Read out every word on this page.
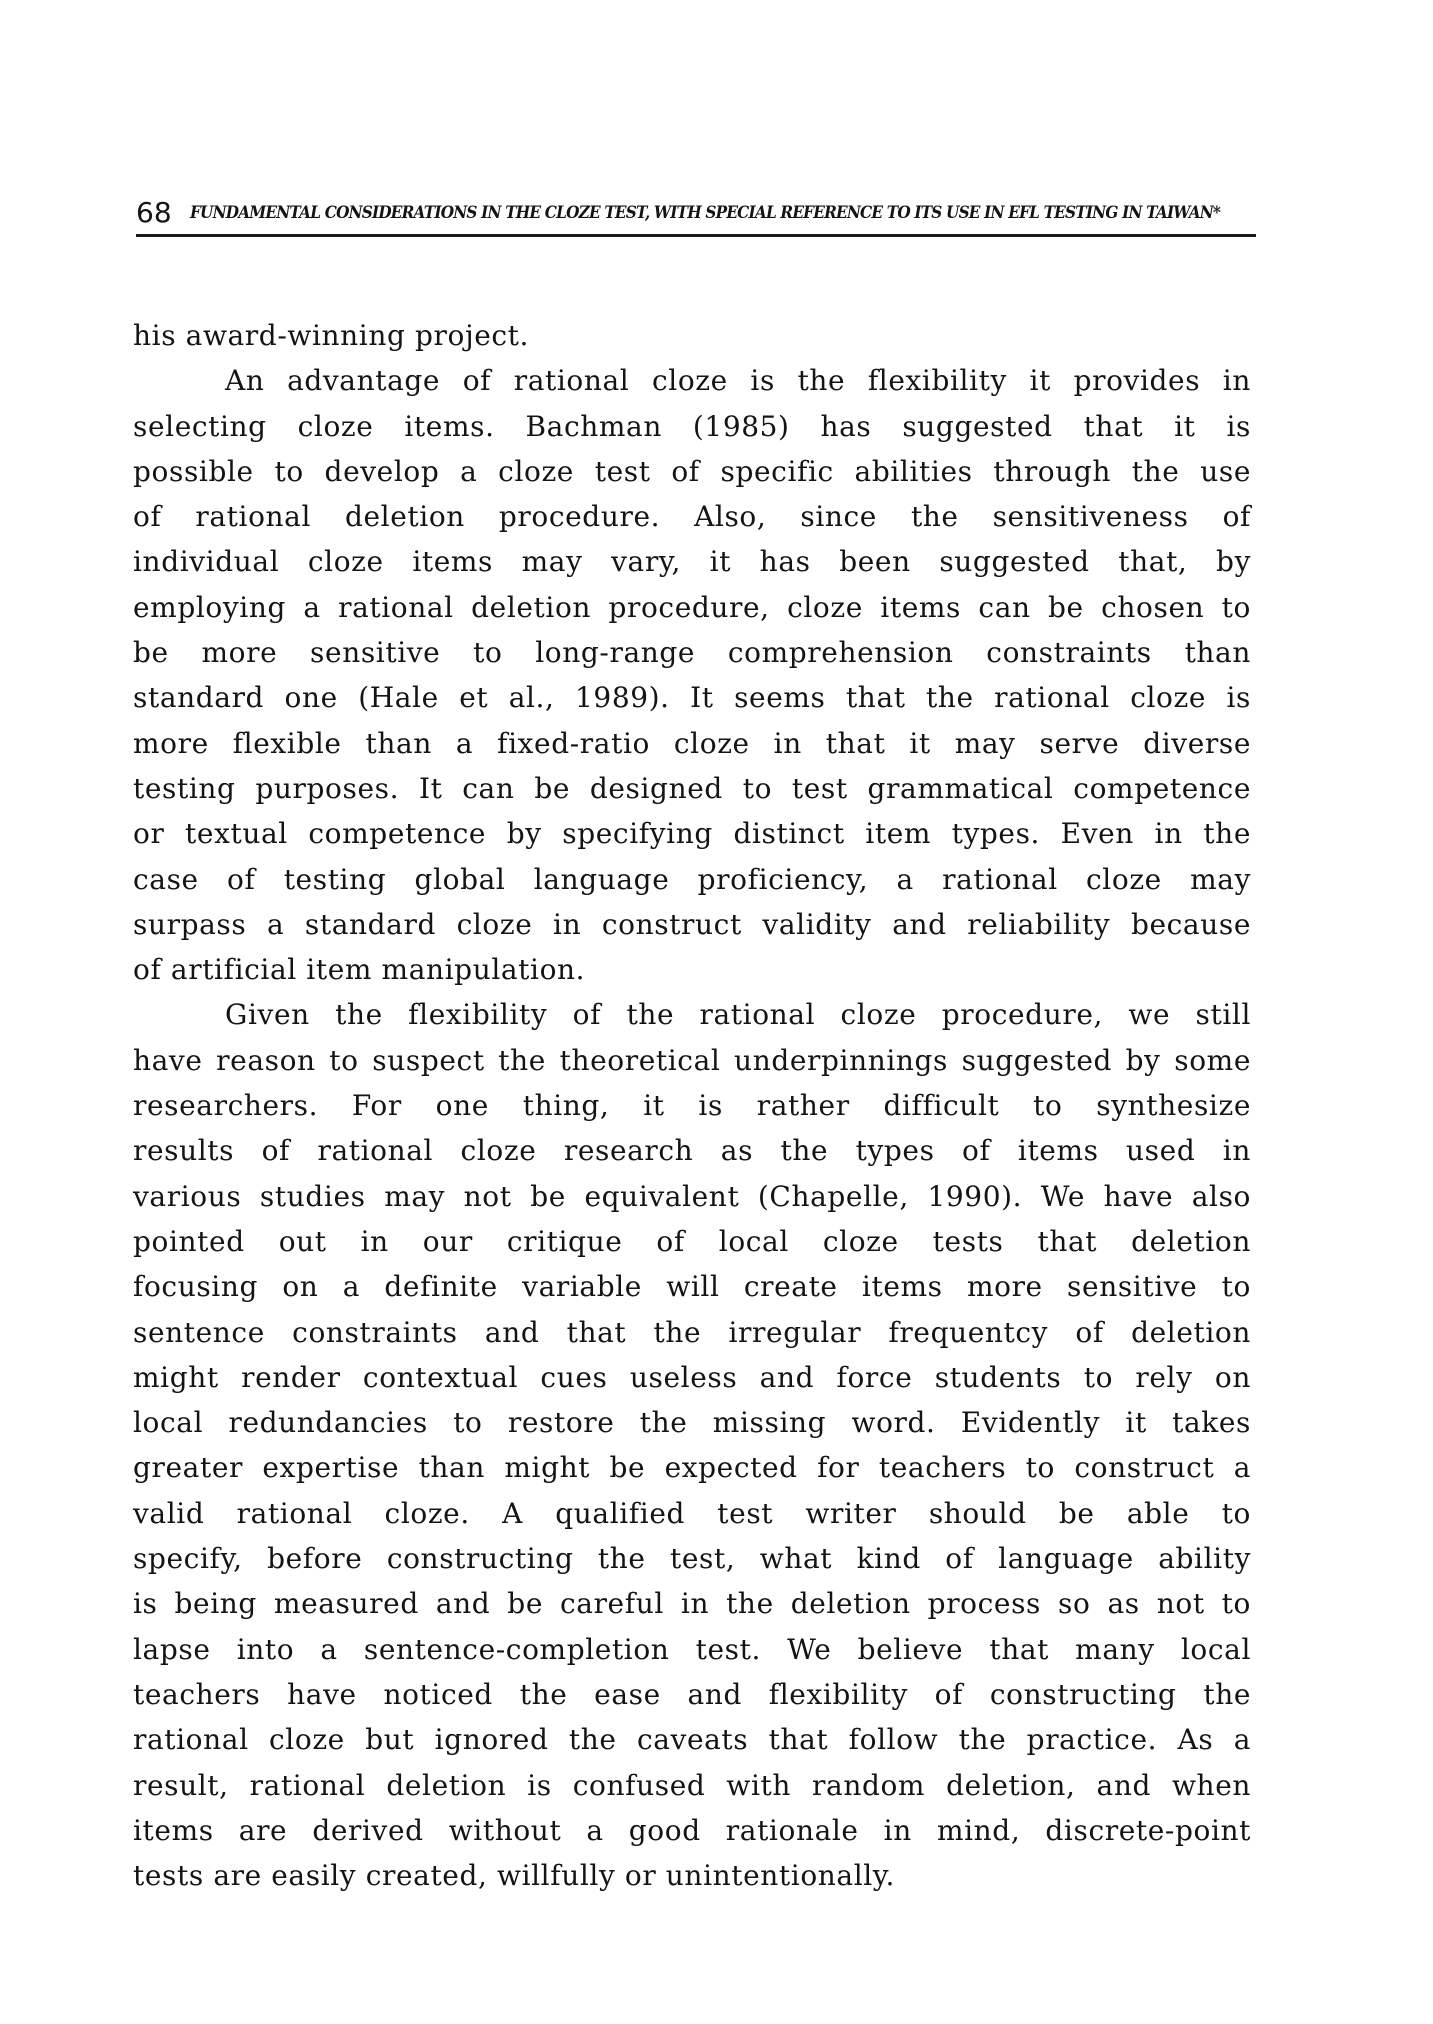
68 FUNDAMENTAL CONSIDERATIONS IN THE CLOZE TEST, WITH SPECIAL REFERENCE TO ITS USE IN EFL TESTING IN TAIWAN*
his award-winning project.
An advantage of rational cloze is the flexibility it provides in
selecting cloze items. Bachman (1985) has suggested that it is
possible to develop a cloze test of specific abilities through the use
of rational deletion procedure. Also, since the sensitiveness of
individual cloze items may vary, it has been suggested that, by
employing a rational deletion procedure, cloze items can be chosen to
be more sensitive to long-range comprehension constraints than
standard one (Hale et al., 1989). It seems that the rational cloze is
more flexible than a fixed-ratio cloze in that it may serve diverse
testing purposes. It can be designed to test grammatical competence
or textual competence by specifying distinct item types. Even in the
case of testing global language proficiency, a rational cloze may
surpass a standard cloze in construct validity and reliability because
of artificial item manipulation.
Given the flexibility of the rational cloze procedure, we still
have reason to suspect the theoretical underpinnings suggested by some
researchers. For one thing, it is rather difficult to synthesize
results of rational cloze research as the types of items used in
various studies may not be equivalent (Chapelle, 1990). We have also
pointed out in our critique of local cloze tests that deletion
focusing on a definite variable will create items more sensitive to
sentence constraints and that the irregular frequentcy of deletion
might render contextual cues useless and force students to rely on
local redundancies to restore the missing word. Evidently it takes
greater expertise than might be expected for teachers to construct a
valid rational cloze. A qualified test writer should be able to
specify, before constructing the test, what kind of language ability
is being measured and be careful in the deletion process so as not to
lapse into a sentence-completion test. We believe that many local
teachers have noticed the ease and flexibility of constructing the
rational cloze but ignored the caveats that follow the practice. As a
result, rational deletion is confused with random deletion, and when
items are derived without a good rationale in mind, discrete-point
tests are easily created, willfully or unintentionally.
